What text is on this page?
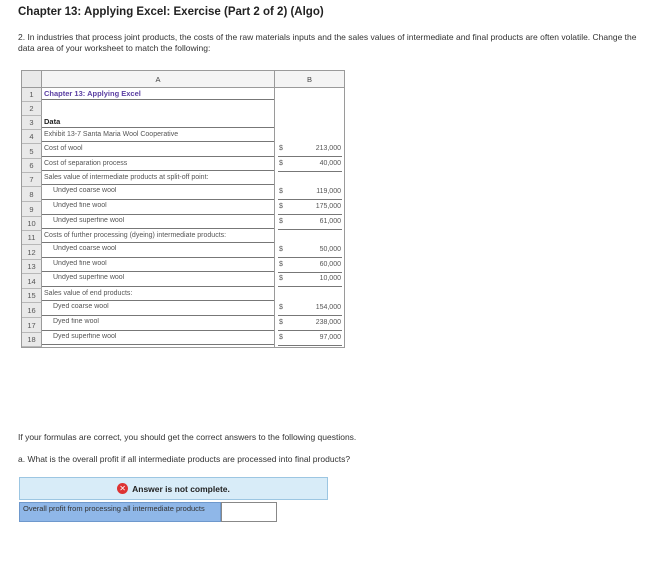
Chapter 13: Applying Excel: Exercise (Part 2 of 2) (Algo)
2. In industries that process joint products, the costs of the raw materials inputs and the sales values of intermediate and final products are often volatile. Change the data area of your worksheet to match the following:
A	B
1	Chapter 13: Applying Excel
2
3	Data
4	Exhibit 13-7 Santa Maria Wool Cooperative
5	Cost of wool	$	213,000
6	Cost of separation process	$	40,000
7	Sales value of intermediate products at split-off point:
8	Undyed coarse wool	$	119,000
9	Undyed fine wool	$	175,000
10	Undyed superfine wool	$	61,000
11	Costs of further processing (dyeing) intermediate products:
12	Undyed coarse wool	$	50,000
13	Undyed fine wool	$	60,000
14	Undyed superfine wool	$	10,000
15	Sales value of end products:
16	Dyed coarse wool	$	154,000
17	Dyed fine wool	$	238,000
18	Dyed superfine wool	$	97,000
If your formulas are correct, you should get the correct answers to the following questions.
a. What is the overall profit if all intermediate products are processed into final products?
✕ Answer is not complete.
Overall profit from processing all intermediate products
